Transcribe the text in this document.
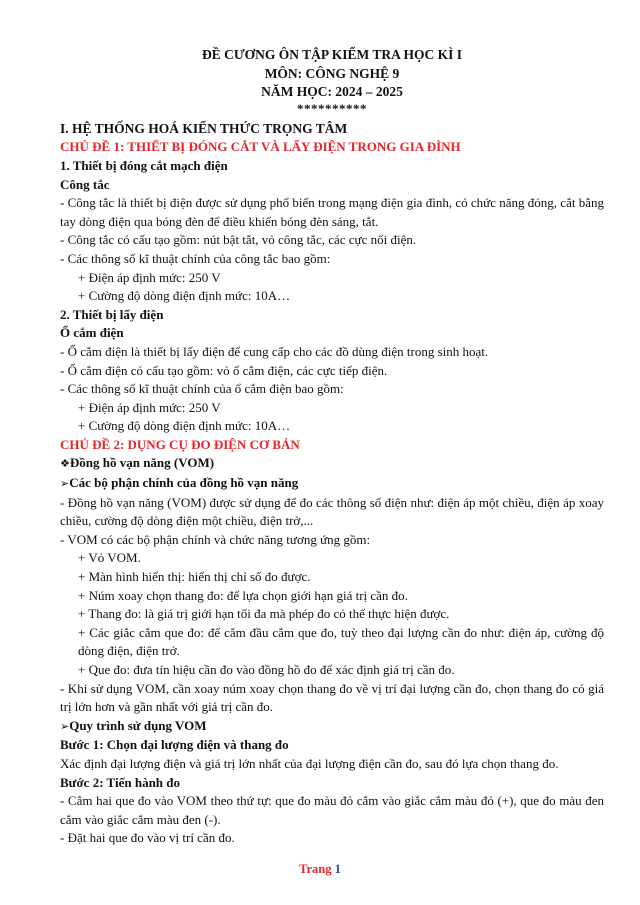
ĐỀ CƯƠNG ÔN TẬP KIỂM TRA HỌC KÌ I
MÔN: CÔNG NGHỆ 9
NĂM HỌC: 2024 – 2025
**********
I. HỆ THỐNG HOÁ KIẾN THỨC TRỌNG TÂM
CHỦ ĐỀ 1: THIẾT BỊ ĐÓNG CẮT VÀ LẤY ĐIỆN TRONG GIA ĐÌNH
1. Thiết bị đóng cắt mạch điện
Công tắc
- Công tắc là thiết bị điện được sử dụng phổ biến trong mạng điện gia đình, có chức năng đóng, cắt bằng tay dòng điện qua bóng đèn để điều khiển bóng đèn sáng, tắt.
- Công tắc có cấu tạo gồm: nút bật tắt, vỏ công tắc, các cực nối điện.
- Các thông số kĩ thuật chính của công tắc bao gồm:
+ Điện áp định mức: 250 V
+ Cường độ dòng điện định mức: 10A…
2. Thiết bị lấy điện
Ổ cắm điện
- Ổ cắm điện là thiết bị lấy điện để cung cấp cho các đồ dùng điện trong sinh hoạt.
- Ổ cắm điện có cấu tạo gồm: vỏ ổ cắm điện, các cực tiếp điện.
- Các thông số kĩ thuật chính của ổ cắm điện bao gồm:
+ Điện áp định mức: 250 V
+ Cường độ dòng điện định mức: 10A…
CHỦ ĐỀ 2: DỤNG CỤ ĐO ĐIỆN CƠ BẢN
❖Đồng hồ vạn năng (VOM)
➢Các bộ phận chính của đồng hồ vạn năng
- Đồng hồ vạn năng (VOM) được sử dụng để đo các thông số điện như: điện áp một chiều, điện áp xoay chiều, cường độ dòng điện một chiều, điện trở,...
- VOM có các bộ phận chính và chức năng tương ứng gồm:
+ Vỏ VOM.
+ Màn hình hiển thị: hiển thị chỉ số đo được.
+ Núm xoay chọn thang đo: để lựa chọn giới hạn giá trị cần đo.
+ Thang đo: là giá trị giới hạn tối đa mà phép đo có thể thực hiện được.
+ Các giắc cắm que đo: để cắm đầu cắm que đo, tuỳ theo đại lượng cần đo như: điện áp, cường độ dòng điện, điện trở.
+ Que đo: đưa tín hiệu cần đo vào đồng hồ đo để xác định giá trị cần đo.
- Khi sử dụng VOM, cần xoay núm xoay chọn thang đo về vị trí đại lượng cần đo, chọn thang đo có giá trị lớn hơn và gần nhất với giá trị cần đo.
➢Quy trình sử dụng VOM
Bước 1: Chọn đại lượng điện và thang đo
Xác định đại lượng điện và giá trị lớn nhất của đại lượng điện cần đo, sau đó lựa chọn thang đo.
Bước 2: Tiến hành đo
- Cắm hai que đo vào VOM theo thứ tự: que đo màu đỏ cắm vào giắc cắm màu đỏ (+), que đo màu đen cắm vào giắc cắm màu đen (-).
- Đặt hai que đo vào vị trí cần đo.
Trang 1
